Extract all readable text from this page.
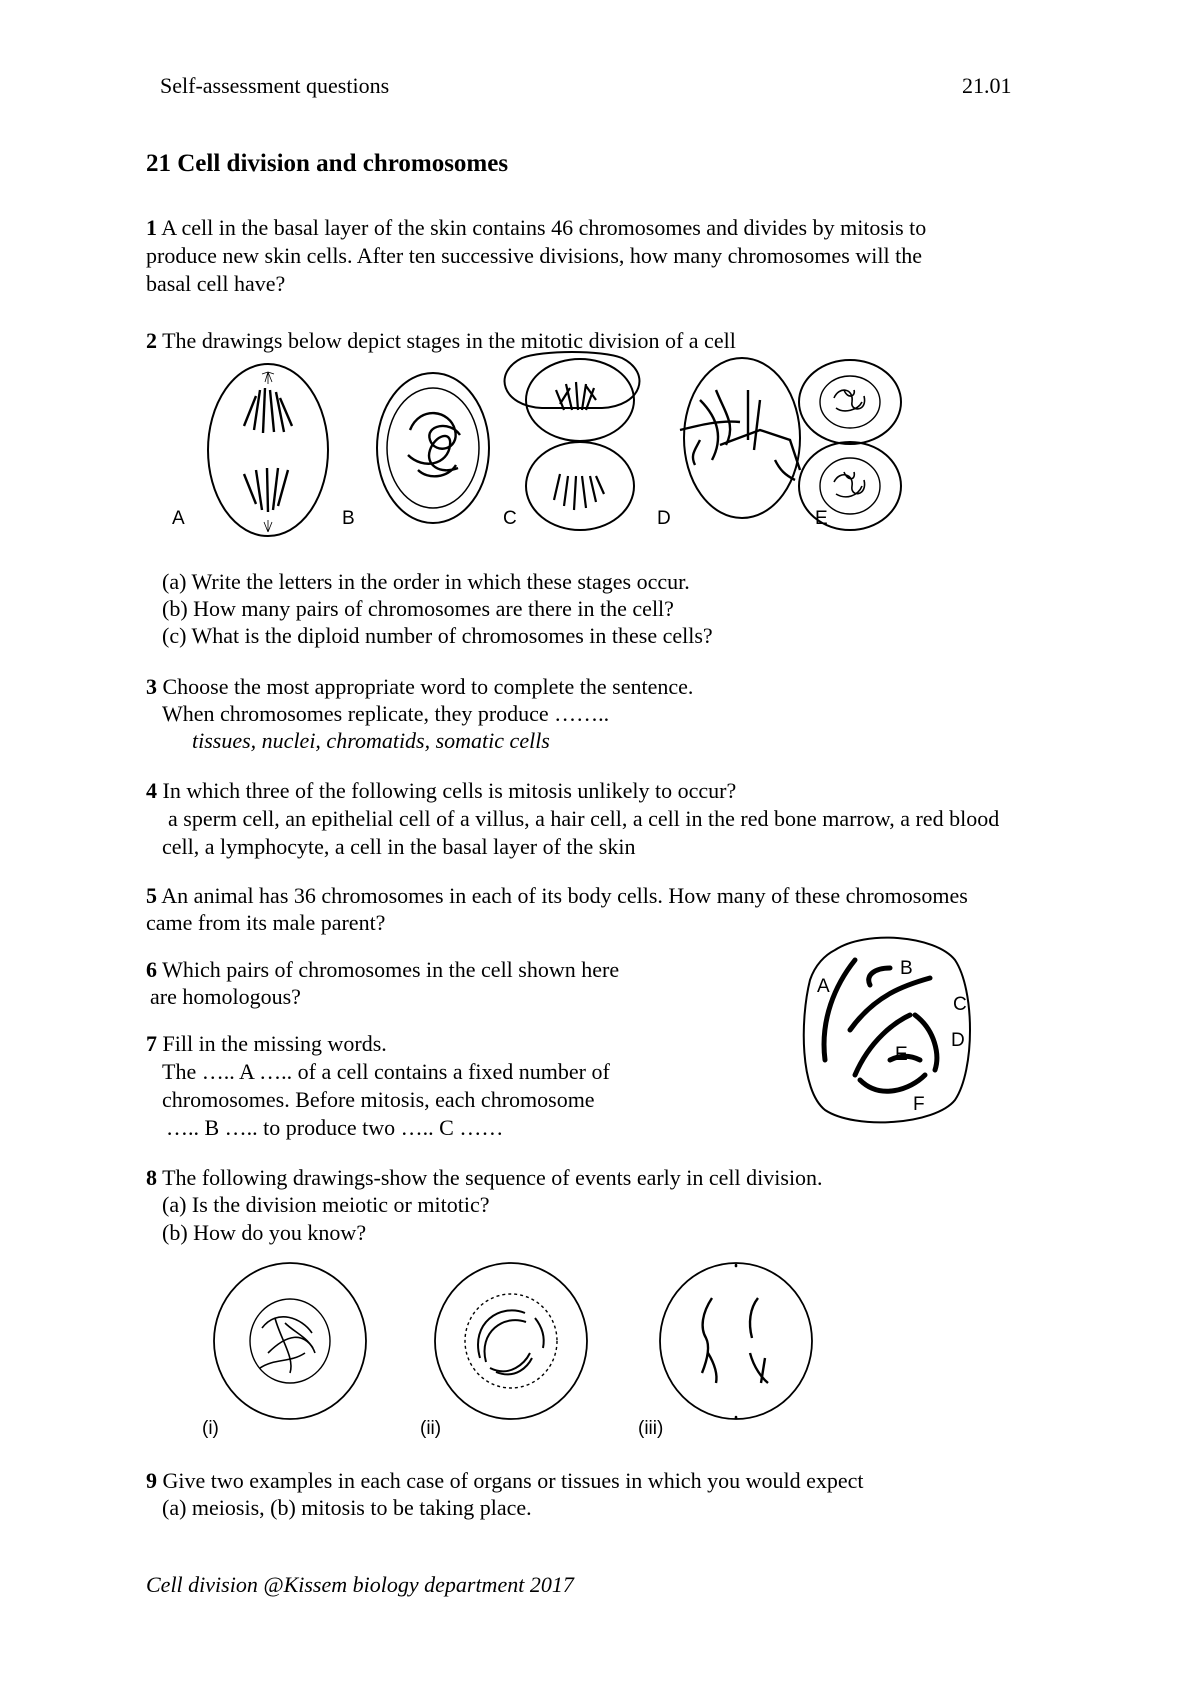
Self-assessment questions	21.01
21 Cell division and chromosomes
1 A cell in the basal layer of the skin contains 46 chromosomes and divides by mitosis to
produce new skin cells. After ten successive divisions, how many chromosomes will the
basal cell have?
2 The drawings below depict stages in the mitotic division of a cell
A	B	C	D	E
(a) Write the letters in the order in which these stages occur.
(b) How many pairs of chromosomes are there in the cell?
(c) What is the diploid number of chromosomes in these cells?
3 Choose the most appropriate word to complete the sentence.
When chromosomes replicate, they produce ……..
tissues, nuclei, chromatids, somatic cells
4 In which three of the following cells is mitosis unlikely to occur?
a sperm cell, an epithelial cell of a villus, a hair cell, a cell in the red bone marrow, a red blood
cell, a lymphocyte, a cell in the basal layer of the skin
5 An animal has 36 chromosomes in each of its body cells. How many of these chromosomes
came from its male parent?
6 Which pairs of chromosomes in the cell shown here
are homologous?	A
B
C
D
E
F
7 Fill in the missing words.
The ….. A ….. of a cell contains a fixed number of
chromosomes. Before mitosis, each chromosome
….. B ….. to produce two ….. C ……
8 The following drawings-show the sequence of events early in cell division.
(a) Is the division meiotic or mitotic?
(b) How do you know?
(i)	(ii)	(iii)
9 Give two examples in each case of organs or tissues in which you would expect
(a) meiosis, (b) mitosis to be taking place.
Cell division @Kissem biology department 2017
